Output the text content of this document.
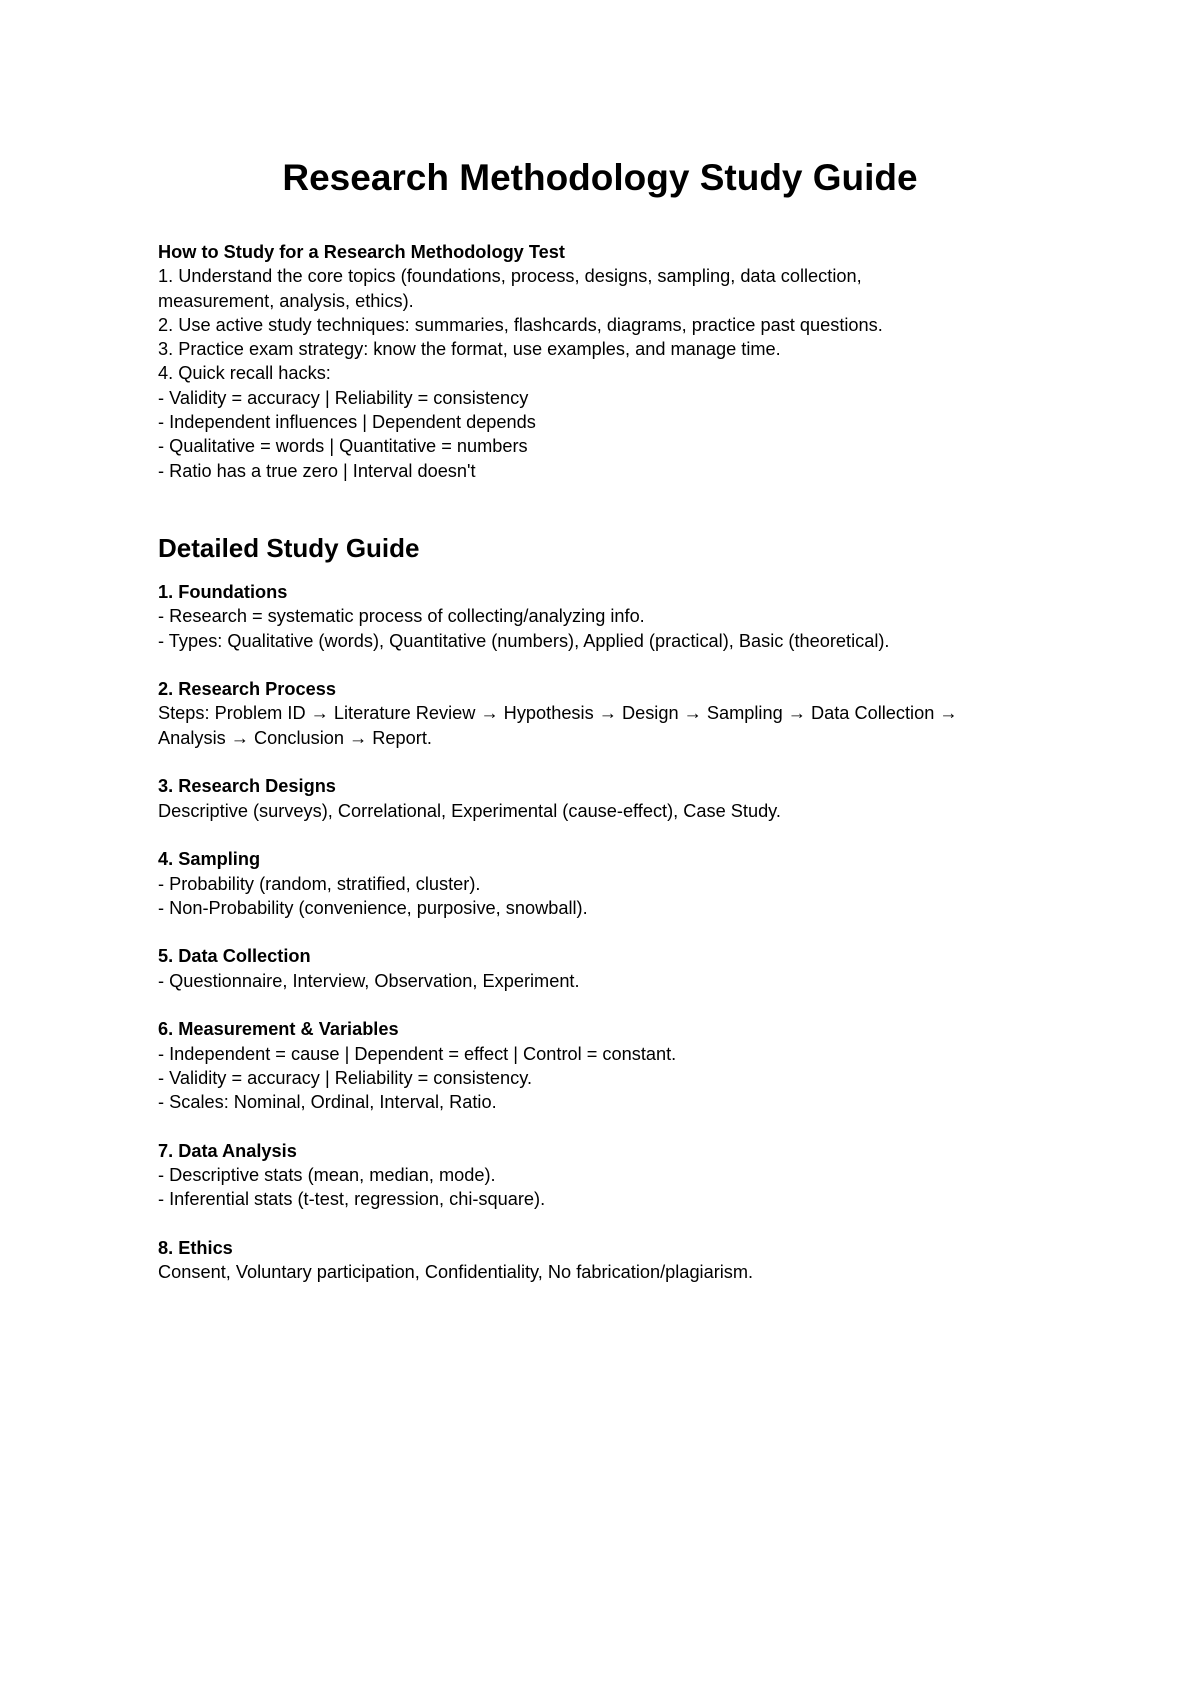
Research Methodology Study Guide

How to Study for a Research Methodology Test

1. Understand the core topics (foundations, process, designs, sampling, data collection,

measurement, analysis, ethics).

2. Use active study techniques: summaries, flashcards, diagrams, practice past questions.

3. Practice exam strategy: know the format, use examples, and manage time.

4. Quick recall hacks:

- Validity = accuracy | Reliability = consistency

- Independent influences | Dependent depends

- Qualitative = words | Quantitative = numbers

- Ratio has a true zero | Interval doesn't

Detailed Study Guide

1. Foundations

- Research = systematic process of collecting/analyzing info.

- Types: Qualitative (words), Quantitative (numbers), Applied (practical), Basic (theoretical).

2. Research Process

Steps: Problem ID → Literature Review → Hypothesis → Design → Sampling → Data Collection →

Analysis → Conclusion → Report.

3. Research Designs

Descriptive (surveys), Correlational, Experimental (cause-effect), Case Study.

4. Sampling

- Probability (random, stratified, cluster).

- Non-Probability (convenience, purposive, snowball).

5. Data Collection

- Questionnaire, Interview, Observation, Experiment.

6. Measurement & Variables

- Independent = cause | Dependent = effect | Control = constant.

- Validity = accuracy | Reliability = consistency.

- Scales: Nominal, Ordinal, Interval, Ratio.

7. Data Analysis

- Descriptive stats (mean, median, mode).

- Inferential stats (t-test, regression, chi-square).

8. Ethics

Consent, Voluntary participation, Confidentiality, No fabrication/plagiarism.
